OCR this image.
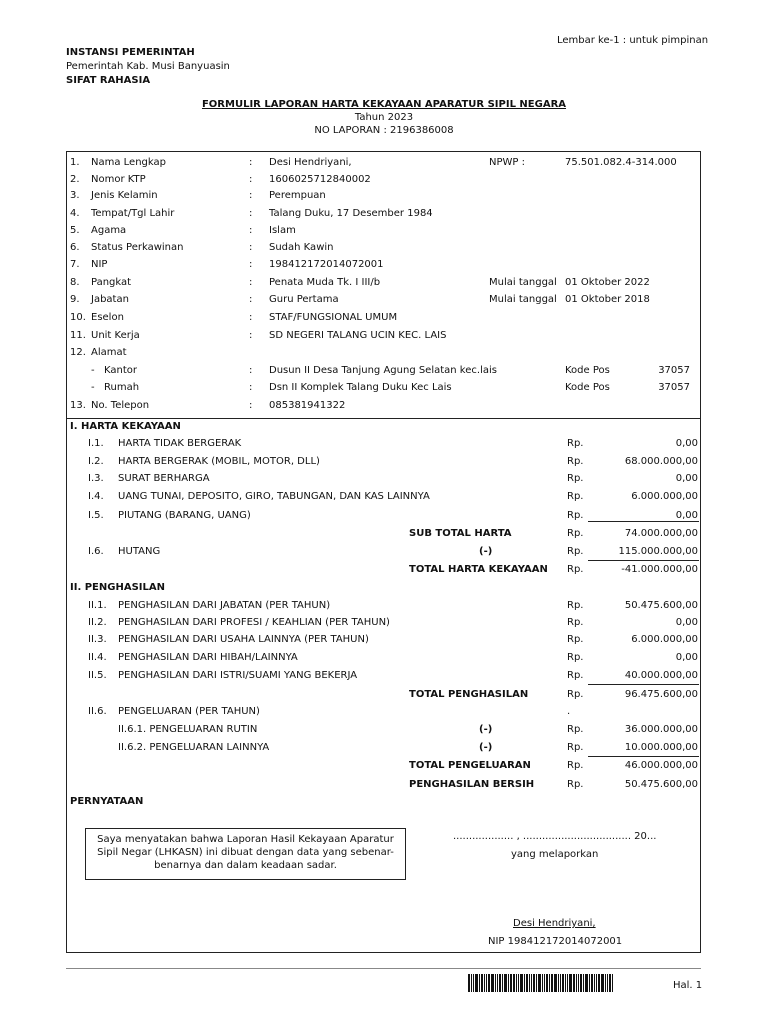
Lembar ke-1 : untuk pimpinan
INSTANSI PEMERINTAH
Pemerintah Kab. Musi Banyuasin
SIFAT RAHASIA
FORMULIR LAPORAN HARTA KEKAYAAN APARATUR SIPIL NEGARA
Tahun 2023
NO LAPORAN : 2196386008
1. Nama Lengkap	: Desi Hendriyani,	NPWP :	75.501.082.4-314.000
2. Nomor KTP	: 1606025712840002
3. Jenis Kelamin	: Perempuan
4. Tempat/Tgl Lahir	: Talang Duku, 17 Desember 1984
5. Agama	: Islam
6. Status Perkawinan	: Sudah Kawin
7. NIP	: 198412172014072001
8. Pangkat	: Penata Muda Tk. I III/b	Mulai tanggal 01 Oktober 2022
9. Jabatan	: Guru Pertama	Mulai tanggal 01 Oktober 2018
10. Eselon	: STAF/FUNGSIONAL UMUM
11. Unit Kerja	: SD NEGERI TALANG UCIN KEC. LAIS
12. Alamat
- Kantor	: Dusun II Desa Tanjung Agung Selatan kec.lais	Kode Pos	37057
- Rumah	: Dsn II Komplek Talang Duku Kec Lais	Kode Pos	37057
13. No. Telepon	: 085381941322
I. HARTA KEKAYAAN
I.1. HARTA TIDAK BERGERAK	Rp.	0,00
I.2. HARTA BERGERAK (MOBIL, MOTOR, DLL)	Rp.	68.000.000,00
I.3. SURAT BERHARGA	Rp.	0,00
I.4. UANG TUNAI, DEPOSITO, GIRO, TABUNGAN, DAN KAS LAINNYA	Rp.	6.000.000,00
I.5. PIUTANG (BARANG, UANG)	Rp.	0,00
SUB TOTAL HARTA	Rp.	74.000.000,00
I.6. HUTANG	(-)	Rp.	115.000.000,00
TOTAL HARTA KEKAYAAN Rp.	-41.000.000,00
II. PENGHASILAN
II.1. PENGHASILAN DARI JABATAN (PER TAHUN)	Rp.	50.475.600,00
II.2. PENGHASILAN DARI PROFESI / KEAHLIAN (PER TAHUN)	Rp.	0,00
II.3. PENGHASILAN DARI USAHA LAINNYA (PER TAHUN)	Rp.	6.000.000,00
II.4. PENGHASILAN DARI HIBAH/LAINNYA	Rp.	0,00
II.5. PENGHASILAN DARI ISTRI/SUAMI YANG BEKERJA	Rp.	40.000.000,00
TOTAL PENGHASILAN	Rp.	96.475.600,00
II.6. PENGELUARAN (PER TAHUN)	.
II.6.1. PENGELUARAN RUTIN	(-)	Rp.	36.000.000,00
II.6.2. PENGELUARAN LAINNYA	(-)	Rp.	10.000.000,00
TOTAL PENGELUARAN	Rp.	46.000.000,00
PENGHASILAN BERSIH	Rp.	50.475.600,00
PERNYATAAN
Saya menyatakan bahwa Laporan Hasil Kekayaan Aparatur Sipil Negar (LHKASN) ini dibuat dengan data yang sebenar-benarnya dan dalam keadaan sadar.
................... , .................................. 20...
yang melaporkan
Desi Hendriyani,
NIP 198412172014072001
Hal. 1
